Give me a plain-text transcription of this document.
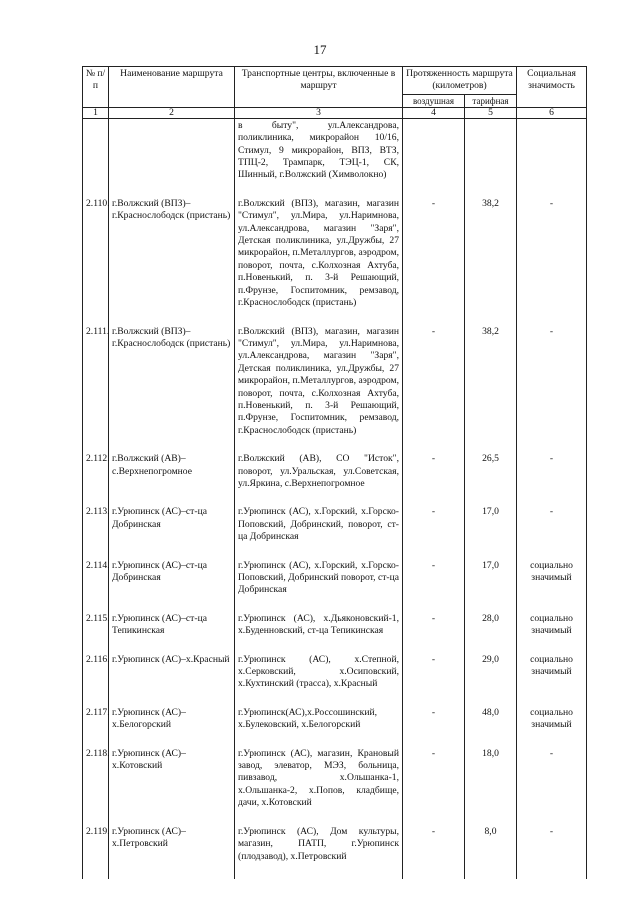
17
№ п/п	Наименование маршрута	Транспортные центры, включенные в маршрут	Протяженность маршрута (километров)		Социальная значимость
			воздушная	тарифная	
1	2	3	4	5	6
		в быту", ул.Александрова, поликлиника, микрорайон 10/16, Стимул, 9 микрорайон, ВПЗ, ВТЗ, ТПЦ-2, Трампарк, ТЭЦ-1, СК, Шинный, г.Волжский (Химволокно)			
2.110.	г.Волжский (ВПЗ)–г.Краснослободск (пристань)	г.Волжский (ВПЗ), магазин, магазин "Стимул", ул.Мира, ул.Наримнова, ул.Александрова, магазин "Заря", Детская поликлиника, ул.Дружбы, 27 микрорайон, п.Металлургов, аэродром, поворот, почта, с.Колхозная Ахтуба, п.Новенький, п. 3-й Решающий, п.Фрунзе, Госпитомник, ремзавод, г.Краснослободск (пристань)	-	38,2	-
2.111.	г.Волжский (ВПЗ)–г.Краснослободск (пристань)	г.Волжский (ВПЗ), магазин, магазин "Стимул", ул.Мира, ул.Наримнова, ул.Александрова, магазин "Заря", Детская поликлиника, ул.Дружбы, 27 микрорайон, п.Металлургов, аэродром, поворот, почта, с.Колхозная Ахтуба, п.Новенький, п. 3-й Решающий, п.Фрунзе, Госпитомник, ремзавод, г.Краснослободск (пристань)	-	38,2	-
2.112.	г.Волжский (АВ)–с.Верхнепогромное	г.Волжский (АВ), СО "Исток", поворот, ул.Уральская, ул.Советская, ул.Яркина, с.Верхнепогромное	-	26,5	-
2.113.	г.Урюпинск (АС)–ст-ца Добринская	г.Урюпинск (АС), х.Горский, х.Горско-Поповский, Добринский, поворот, ст-ца Добринская	-	17,0	-
2.114.	г.Урюпинск (АС)–ст-ца Добринская	г.Урюпинск (АС), х.Горский, х.Горско-Поповский, Добринский поворот, ст-ца Добринская	-	17,0	социально значимый
2.115.	г.Урюпинск (АС)–ст-ца Тепикинская	г.Урюпинск (АС), х.Дьяконовский-1, х.Буденновский, ст-ца Тепикинская	-	28,0	социально значимый
2.116.	г.Урюпинск (АС)–х.Красный	г.Урюпинск (АС), х.Степной, х.Серковский, х.Осиповский, х.Кухтинский (трасса), х.Красный	-	29,0	социально значимый
2.117.	г.Урюпинск (АС)–х.Белогорский	г.Урюпинск(АС),х.Россошинский, х.Булековский, х.Белогорский	-	48,0	социально значимый
2.118.	г.Урюпинск (АС)–х.Котовский	г.Урюпинск (АС), магазин, Крановый завод, элеватор, МЭЗ, больница, пивзавод, х.Ольшанка-1, х.Ольшанка-2, х.Попов, кладбище, дачи, х.Котовский	-	18,0	-
2.119.	г.Урюпинск (АС)–х.Петровский	г.Урюпинск (АС), Дом культуры, магазин, ПАТП, г.Урюпинск (плодзавод), х.Петровский	-	8,0	-
